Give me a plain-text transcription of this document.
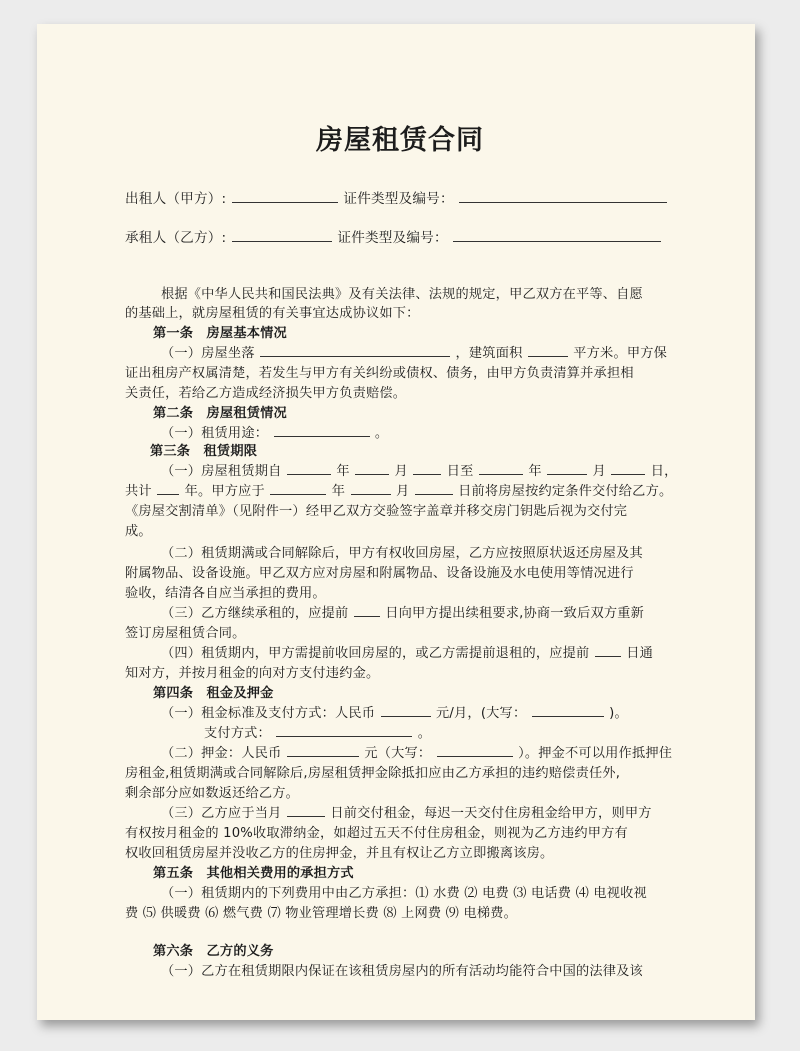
房屋租赁合同
出租人（甲方）:	证件类型及编号：
承租人（乙方）:	证件类型及编号：
根据《中华人民共和国民法典》及有关法律、法规的规定，甲乙双方在平等、自愿
的基础上，就房屋租赁的有关事宜达成协议如下：
第一条　房屋基本情况
（一）房屋坐落	，建筑面积	平方米。甲方保
证出租房产权属清楚，若发生与甲方有关纠纷或债权、债务，由甲方负责清算并承担相
关责任，若给乙方造成经济损失甲方负责赔偿。
第二条　房屋租赁情况
（一）租赁用途：	。
第三条　租赁期限
（一）房屋租赁期自	年	月	日至	年	月	日，
共计 年。甲方应于	年	月	日前将房屋按约定条件交付给乙方。
《房屋交割清单》（见附件一）经甲乙双方交验签字盖章并移交房门钥匙后视为交付完
成。
（二）租赁期满或合同解除后，甲方有权收回房屋，乙方应按照原状返还房屋及其
附属物品、设备设施。甲乙双方应对房屋和附属物品、设备设施及水电使用等情况进行
验收，结清各自应当承担的费用。
（三）乙方继续承租的，应提前	日向甲方提出续租要求,协商一致后双方重新
签订房屋租赁合同。
（四）租赁期内，甲方需提前收回房屋的，或乙方需提前退租的，应提前	日通
知对方，并按月租金的向对方支付违约金。
第四条　租金及押金
（一）租金标准及支付方式：人民币	元/月，(大写：	)。
支付方式：	。
（二）押金：人民币	元（大写：	）。押金不可以用作抵押住
房租金,租赁期满或合同解除后,房屋租赁押金除抵扣应由乙方承担的违约赔偿责任外,
剩余部分应如数返还给乙方。
（三）乙方应于当月	日前交付租金，每迟一天交付住房租金给甲方，则甲方
有权按月租金的 10%收取滞纳金，如超过五天不付住房租金，则视为乙方违约甲方有
权收回租赁房屋并没收乙方的住房押金，并且有权让乙方立即搬离该房。
第五条　其他相关费用的承担方式
（一）租赁期内的下列费用中由乙方承担：⑴ 水费 ⑵ 电费 ⑶ 电话费 ⑷ 电视收视
费 ⑸ 供暖费 ⑹ 燃气费 ⑺ 物业管理增长费 ⑻ 上网费 ⑼ 电梯费。
第六条　乙方的义务
（一）乙方在租赁期限内保证在该租赁房屋内的所有活动均能符合中国的法律及该
